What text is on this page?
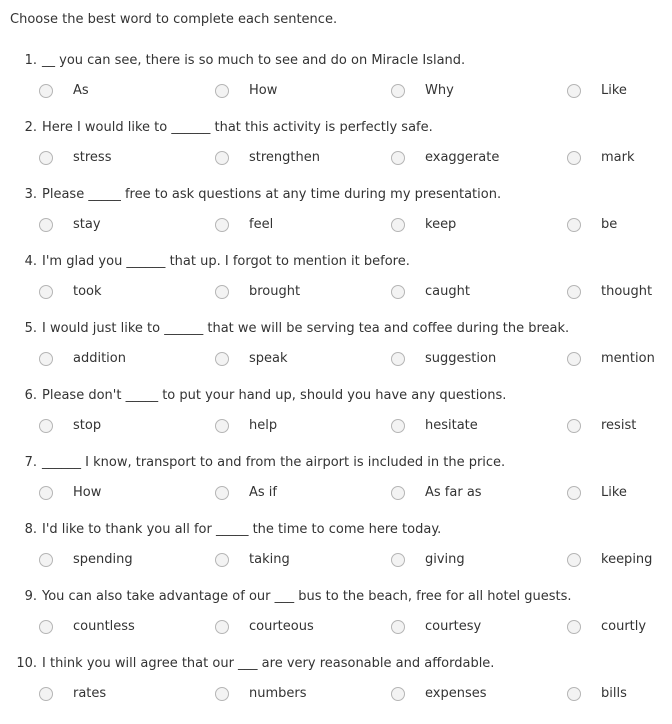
Choose the best word to complete each sentence.
1. __ you can see, there is so much to see and do on Miracle Island.
As	How	Why	Like
2. Here I would like to ______ that this activity is perfectly safe.
stress	strengthen	exaggerate	mark
3. Please _____ free to ask questions at any time during my presentation.
stay	feel	keep	be
4. I'm glad you ______ that up. I forgot to mention it before.
took	brought	caught	thought
5. I would just like to ______ that we will be serving tea and coffee during the break.
addition	speak	suggestion	mention
6. Please don't _____ to put your hand up, should you have any questions.
stop	help	hesitate	resist
7. ______ I know, transport to and from the airport is included in the price.
How	As if	As far as	Like
8. I'd like to thank you all for _____ the time to come here today.
spending	taking	giving	keeping
9. You can also take advantage of our ___ bus to the beach, free for all hotel guests.
countless	courteous	courtesy	courtly
10. I think you will agree that our ___ are very reasonable and affordable.
rates	numbers	expenses	bills
